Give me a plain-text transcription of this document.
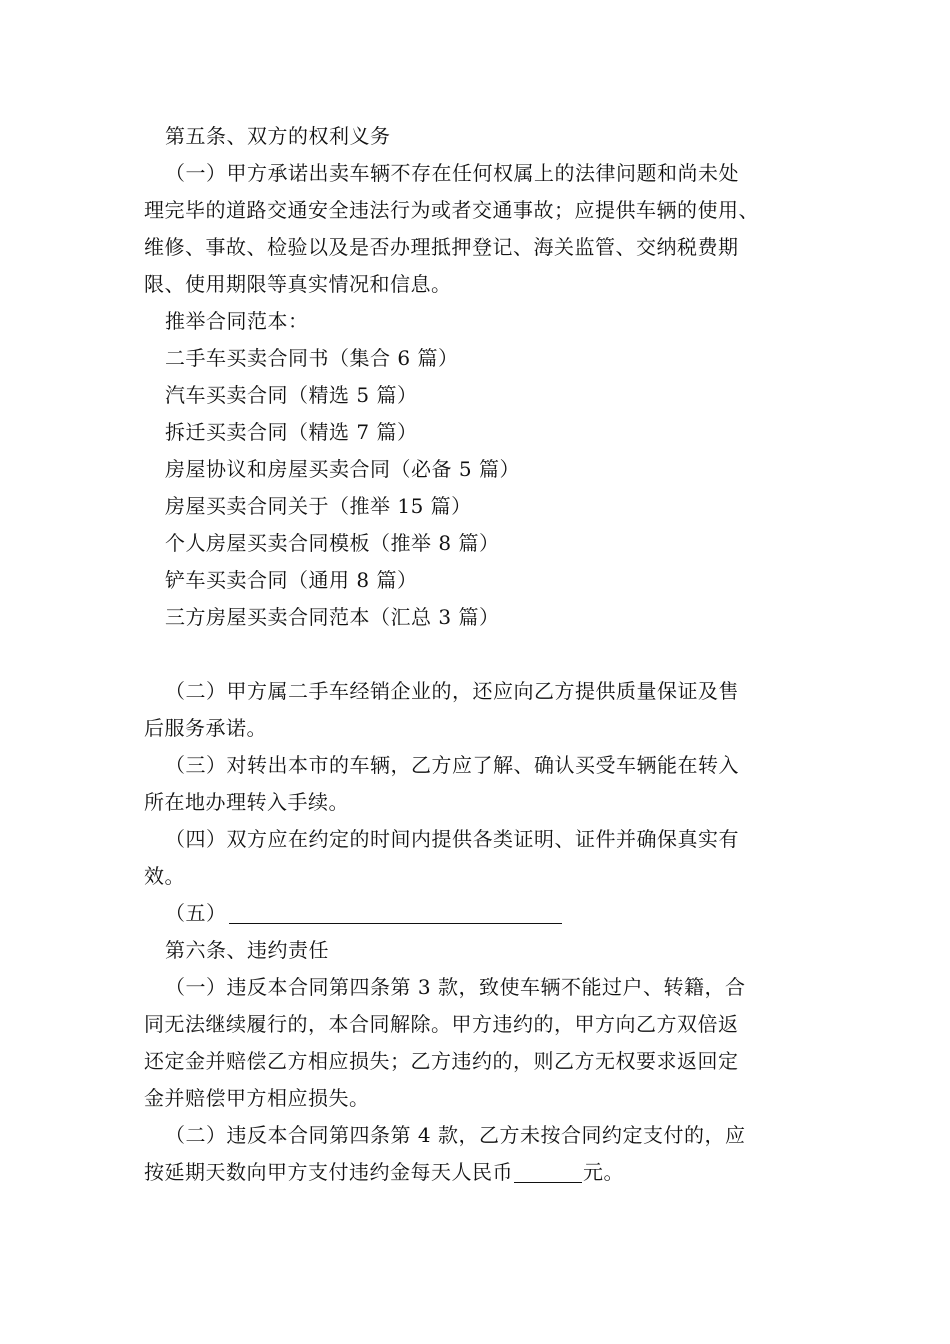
第五条、双方的权利义务
（一）甲方承诺出卖车辆不存在任何权属上的法律问题和尚未处
理完毕的道路交通安全违法行为或者交通事故；应提供车辆的使用、
维修、事故、检验以及是否办理抵押登记、海关监管、交纳税费期
限、使用期限等真实情况和信息。
推举合同范本：
二手车买卖合同书（集合 6 篇）
汽车买卖合同（精选 5 篇）
拆迁买卖合同（精选 7 篇）
房屋协议和房屋买卖合同（必备 5 篇）
房屋买卖合同关于（推举 15 篇）
个人房屋买卖合同模板（推举 8 篇）
铲车买卖合同（通用 8 篇）
三方房屋买卖合同范本（汇总 3 篇）
（二）甲方属二手车经销企业的，还应向乙方提供质量保证及售
后服务承诺。
（三）对转出本市的车辆，乙方应了解、确认买受车辆能在转入
所在地办理转入手续。
（四）双方应在约定的时间内提供各类证明、证件并确保真实有
效。
（五）
第六条、违约责任
（一）违反本合同第四条第 3 款，致使车辆不能过户、转籍，合
同无法继续履行的，本合同解除。甲方违约的，甲方向乙方双倍返
还定金并赔偿乙方相应损失；乙方违约的，则乙方无权要求返回定
金并赔偿甲方相应损失。
（二）违反本合同第四条第 4 款，乙方未按合同约定支付的，应
按延期天数向甲方支付违约金每天人民币	元。
